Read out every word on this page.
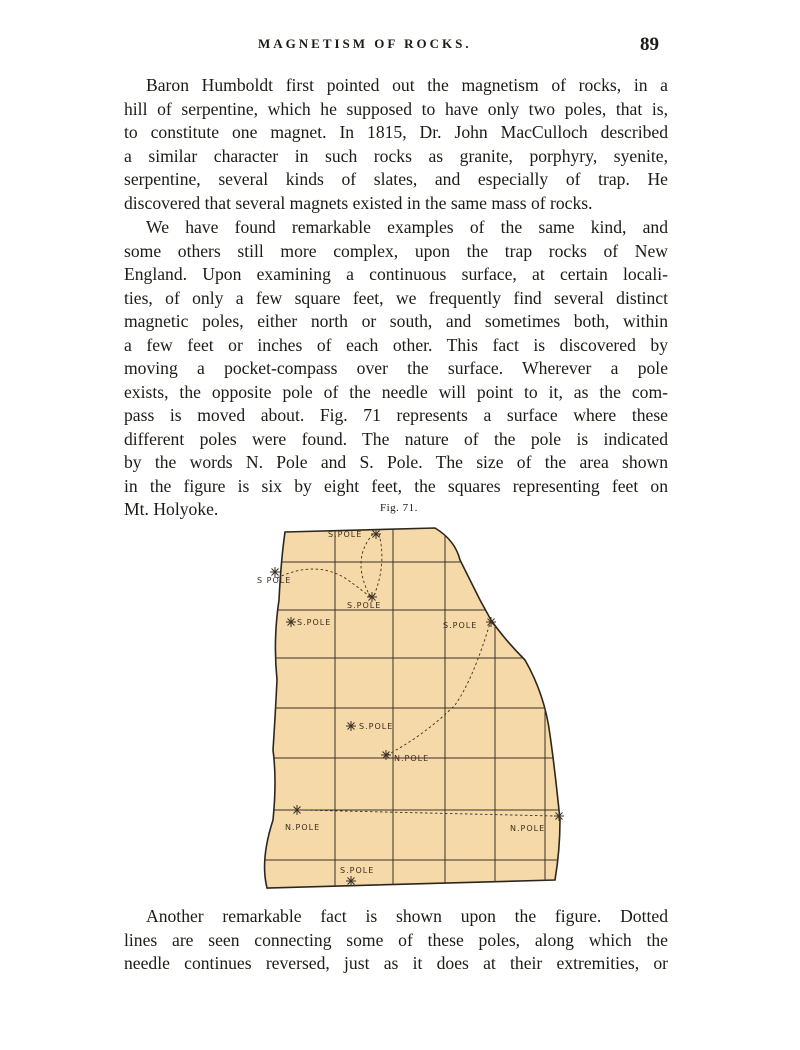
MAGNETISM OF ROCKS.	89
Baron Humboldt first pointed out the magnetism of rocks, in a
hill of serpentine, which he supposed to have only two poles, that is,
to constitute one magnet. In 1815, Dr. John MacCulloch described
a similar character in such rocks as granite, porphyry, syenite,
serpentine, several kinds of slates, and especially of trap. He
discovered that several magnets existed in the same mass of rocks.
We have found remarkable examples of the same kind, and
some others still more complex, upon the trap rocks of New
England. Upon examining a continuous surface, at certain locali-
ties, of only a few square feet, we frequently find several distinct
magnetic poles, either north or south, and sometimes both, within
a few feet or inches of each other. This fact is discovered by
moving a pocket-compass over the surface. Wherever a pole
exists, the opposite pole of the needle will point to it, as the com-
pass is moved about. Fig. 71 represents a surface where these
different poles were found. The nature of the pole is indicated
by the words N. Pole and S. Pole. The size of the area shown
in the figure is six by eight feet, the squares representing feet on
Mt. Holyoke.	Fig. 71.
S.POLE
S POLE
S.POLE
S.POLE	S.POLE
S.POLE
N.POLE
N.POLE	N.POLE
S.POLE
Another remarkable fact is shown upon the figure. Dotted
lines are seen connecting some of these poles, along which the
needle continues reversed, just as it does at their extremities, or
